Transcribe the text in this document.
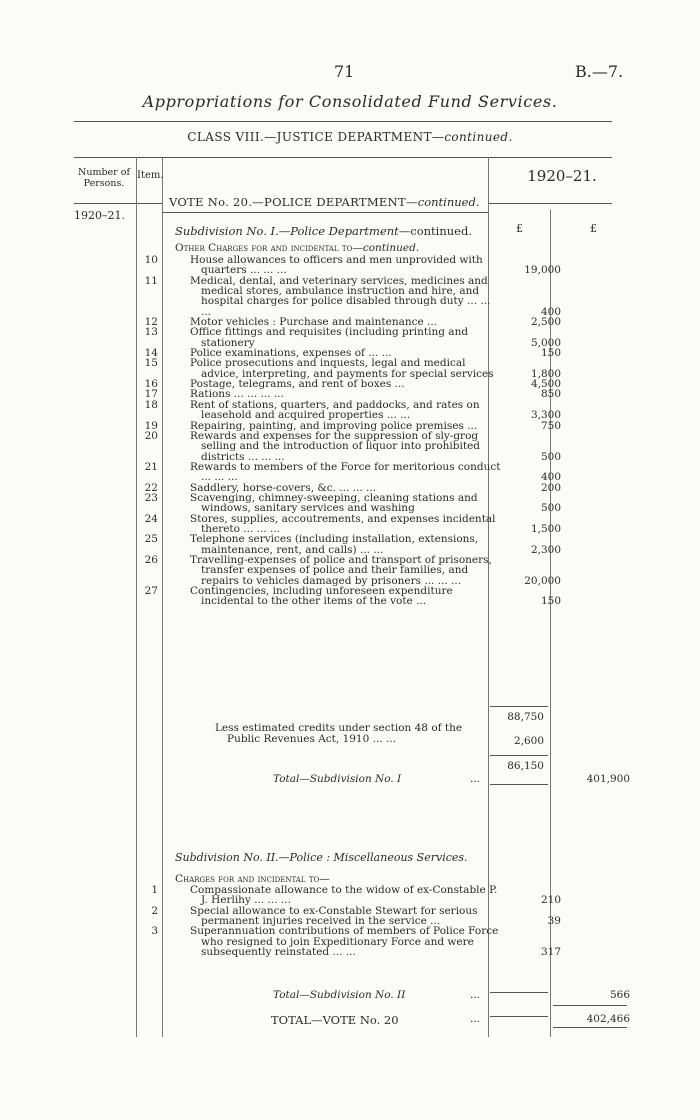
71	B.—7.
Appropriations for Consolidated Fund Services.
CLASS VIII.—JUSTICE DEPARTMENT—continued.
Number of Persons.
Item.	1920–21.
1920–21.
VOTE No. 20.—POLICE DEPARTMENT—continued.
Subdivision No. I.—Police Department—continued.	£	£
Other Charges for and incidental to—continued.
10	House allowances to officers and men unprovided with quarters ... ... ...	19,000
11	Medical, dental, and veterinary services, medicines and medical stores, ambulance instruction and hire, and hospital charges for police disabled through duty ... ... ...	400
12	Motor vehicles : Purchase and maintenance ...	2,500
13	Office fittings and requisites (including printing and stationery	5,000
14	Police examinations, expenses of ... ...	150
15	Police prosecutions and inquests, legal and medical advice, interpreting, and payments for special services	1,800
16	Postage, telegrams, and rent of boxes ...	4,500
17	Rations ... ... ... ...	850
18	Rent of stations, quarters, and paddocks, and rates on leasehold and acquired properties ... ...	3,300
19	Repairing, painting, and improving police premises ...	750
20	Rewards and expenses for the suppression of sly-grog selling and the introduction of liquor into prohibited districts ... ... ...	500
21	Rewards to members of the Force for meritorious conduct ... ... ...	400
22	Saddlery, horse-covers, &c. ... ... ...	200
23	Scavenging, chimney-sweeping, cleaning stations and windows, sanitary services and washing	500
24	Stores, supplies, accoutrements, and expenses incidental thereto ... ... ...	1,500
25	Telephone services (including installation, extensions, maintenance, rent, and calls) ... ...	2,300
26	Travelling-expenses of police and transport of prisoners, transfer expenses of police and their families, and repairs to vehicles damaged by prisoners ... ... ...	20,000
27	Contingencies, including unforeseen expenditure incidental to the other items of the vote ...	150
88,750
Less estimated credits under section 48 of the Public Revenues Act, 1910 ... ...	2,600
86,150
Total—Subdivision No. I	...	401,900
Subdivision No. II.—Police : Miscellaneous Services.
Charges for and incidental to—
1	Compassionate allowance to the widow of ex-Constable P. J. Herlihy ... ... ...	210
2	Special allowance to ex-Constable Stewart for serious permanent injuries received in the service ...	39
3	Superannuation contributions of members of Police Force who resigned to join Expeditionary Force and were subsequently reinstated ... ...	317
Total—Subdivision No. II	...	566
TOTAL—VOTE No. 20	...	402,466
